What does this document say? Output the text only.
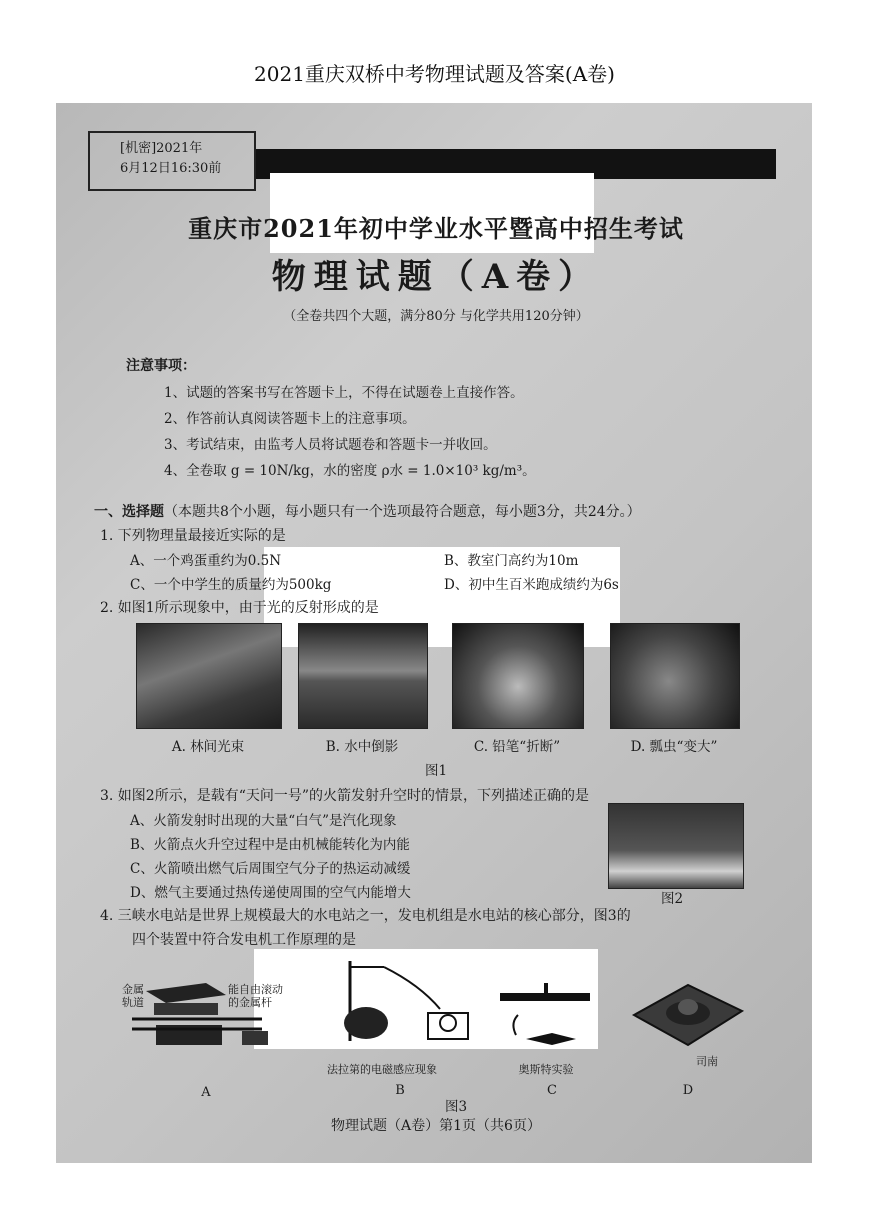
2021重庆双桥中考物理试题及答案(A卷)
[机密]2021年
6月12日16:30前
重庆市2021年初中学业水平暨高中招生考试
物理试题（A卷）
（全卷共四个大题，满分80分 与化学共用120分钟）
注意事项：
1、试题的答案书写在答题卡上，不得在试题卷上直接作答。
2、作答前认真阅读答题卡上的注意事项。
3、考试结束，由监考人员将试题卷和答题卡一并收回。
4、全卷取 g = 10N/kg，水的密度 ρ水 = 1.0×10³ kg/m³。
一、选择题（本题共8个小题，每小题只有一个选项最符合题意，每小题3分，共24分。）
1. 下列物理量最接近实际的是
A、一个鸡蛋重约为0.5N	B、教室门高约为10m
C、一个中学生的质量约为500kg	D、初中生百米跑成绩约为6s
2. 如图1所示现象中，由于光的反射形成的是
A. 林间光束	B. 水中倒影	C. 铅笔“折断”	D. 瓢虫“变大”
图1
3. 如图2所示，是载有“天问一号”的火箭发射升空时的情景，下列描述正确的是
A、火箭发射时出现的大量“白气”是汽化现象
B、火箭点火升空过程中是由机械能转化为内能
C、火箭喷出燃气后周围空气分子的热运动减缓
D、燃气主要通过热传递使周围的空气内能增大	图2
4. 三峡水电站是世界上规模最大的水电站之一，发电机组是水电站的核心部分，图3的
四个装置中符合发电机工作原理的是
金属
轨道
能自由滚动
的金属杆
法拉第的电磁感应现象	奥斯特实验
司南
A	B	C	D
图3
物理试题（A卷）第1页（共6页）
